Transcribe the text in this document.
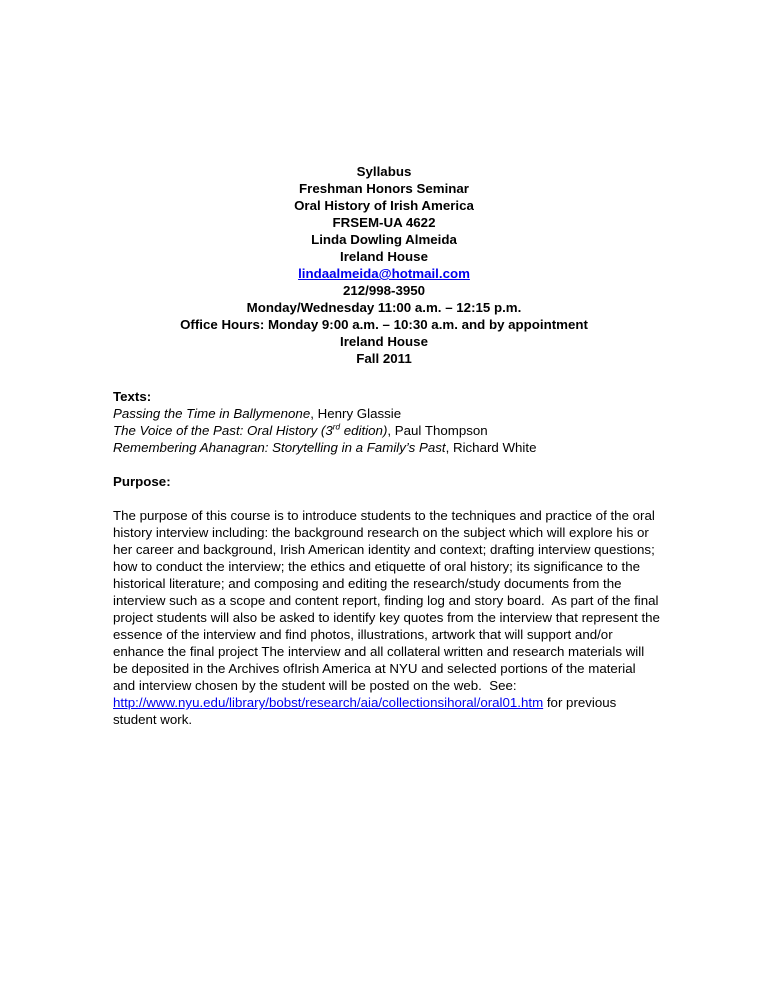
Syllabus
Freshman Honors Seminar
Oral History of Irish America
FRSEM-UA 4622
Linda Dowling Almeida
Ireland House
lindaalmeida@hotmail.com
212/998-3950
Monday/Wednesday 11:00 a.m. – 12:15 p.m.
Office Hours: Monday 9:00 a.m. – 10:30 a.m. and by appointment
Ireland House
Fall 2011
Texts:
Passing the Time in Ballymenone, Henry Glassie
The Voice of the Past: Oral History (3rd edition), Paul Thompson
Remembering Ahanagran: Storytelling in a Family’s Past, Richard White
Purpose:

The purpose of this course is to introduce students to the techniques and practice of the oral history interview including: the background research on the subject which will explore his or her career and background, Irish American identity and context; drafting interview questions; how to conduct the interview; the ethics and etiquette of oral history; its significance to the historical literature; and composing and editing the research/study documents from the interview such as a scope and content report, finding log and story board.  As part of the final project students will also be asked to identify key quotes from the interview that represent the essence of the interview and find photos, illustrations, artwork that will support and/or enhance the final project The interview and all collateral written and research materials will be deposited in the Archives ofIrish America at NYU and selected portions of the material and interview chosen by the student will be posted on the web.  See: http://www.nyu.edu/library/bobst/research/aia/collectionsihoral/oral01.htm for previous student work.
